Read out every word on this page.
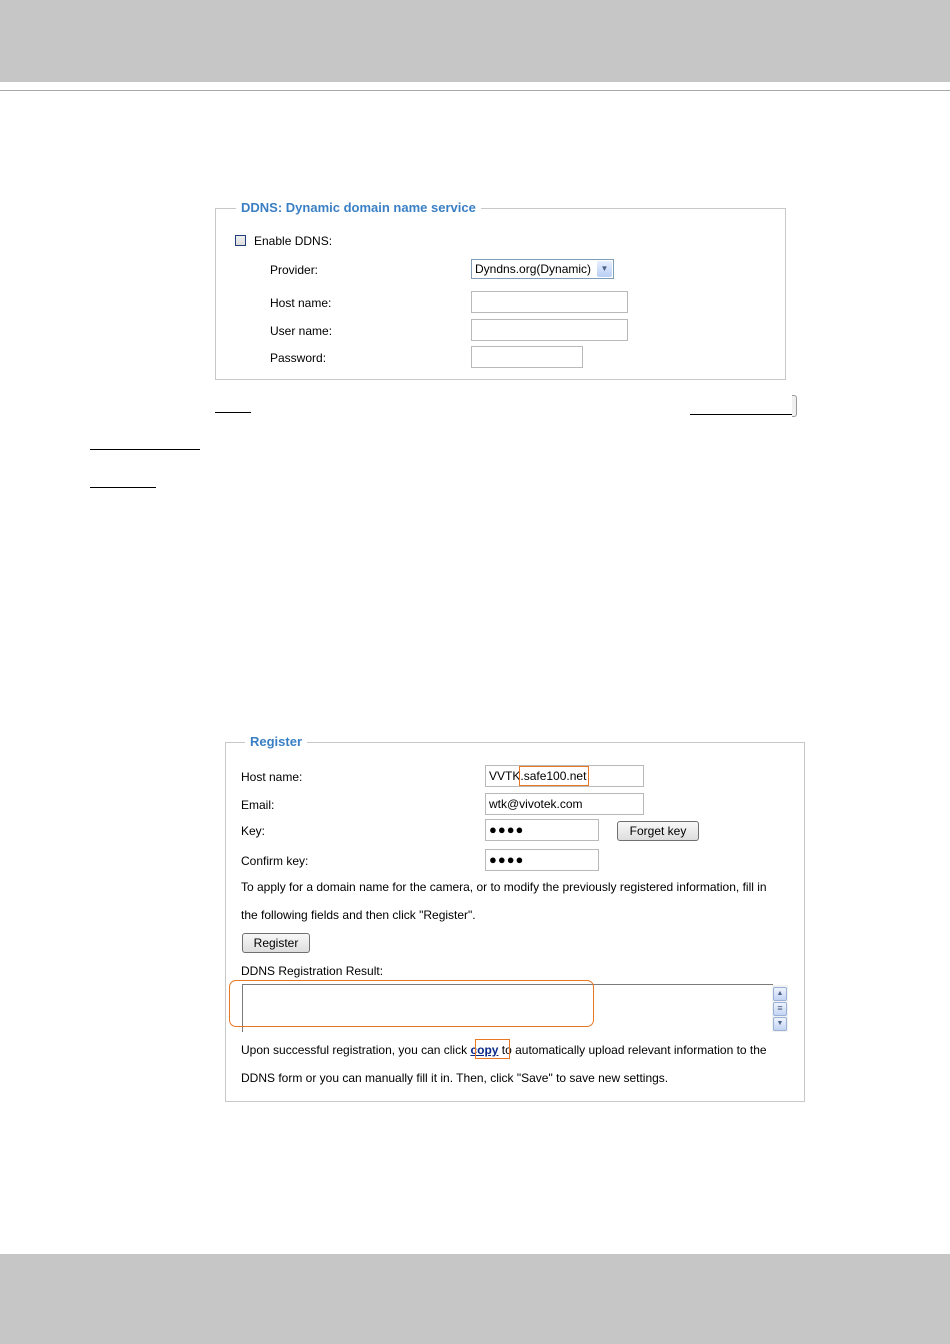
DDNS: Dynamic domain name service
Enable DDNS:
Provider:	Dyndns.org(Dynamic)	▼
Host name:
User name:
Password:
Register
Host name:	VVTK.safe100.net
Email:	wtk@vivotek.com
Key:	●●●●	Forget key
Confirm key:	●●●●
To apply for a domain name for the camera, or to modify the previously registered information, fill in
the following fields and then click "Register".
Register
DDNS Registration Result:
▲
≡
▼
Upon successful registration, you can click copy to automatically upload relevant information to the
DDNS form or you can manually fill it in. Then, click "Save" to save new settings.
